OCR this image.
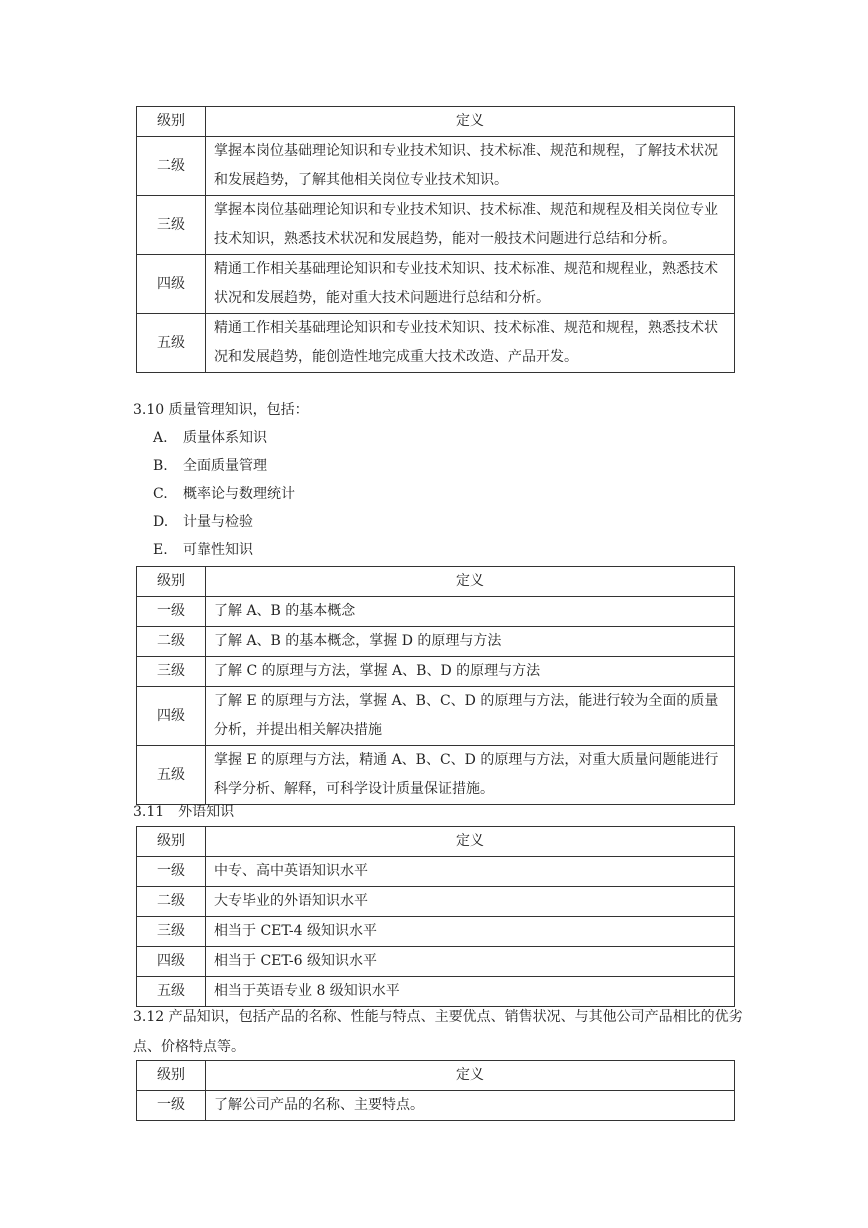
级别	定义
二级	掌握本岗位基础理论知识和专业技术知识、技术标准、规范和规程，了解技术状况和发展趋势，了解其他相关岗位专业技术知识。
三级	掌握本岗位基础理论知识和专业技术知识、技术标准、规范和规程及相关岗位专业技术知识，熟悉技术状况和发展趋势，能对一般技术问题进行总结和分析。
四级	精通工作相关基础理论知识和专业技术知识、技术标准、规范和规程业，熟悉技术状况和发展趋势，能对重大技术问题进行总结和分析。
五级	精通工作相关基础理论知识和专业技术知识、技术标准、规范和规程，熟悉技术状况和发展趋势，能创造性地完成重大技术改造、产品开发。

3.10 质量管理知识，包括：

A. 质量体系知识
B. 全面质量管理
C. 概率论与数理统计
D. 计量与检验
E. 可靠性知识
级别	定义
一级	了解 A、B 的基本概念
二级	了解 A、B 的基本概念，掌握 D 的原理与方法
三级	了解 C 的原理与方法，掌握 A、B、D 的原理与方法
四级	了解 E 的原理与方法，掌握 A、B、C、D 的原理与方法，能进行较为全面的质量分析，并提出相关解决措施
五级	掌握 E 的原理与方法，精通 A、B、C、D 的原理与方法，对重大质量问题能进行科学分析、解释，可科学设计质量保证措施。

3.11　外语知识

级别	定义
一级	中专、高中英语知识水平
二级	大专毕业的外语知识水平
三级	相当于 CET-4 级知识水平
四级	相当于 CET-6 级知识水平
五级	相当于英语专业 8 级知识水平

3.12 产品知识，包括产品的名称、性能与特点、主要优点、销售状况、与其他公司产品相比的优劣点、价格特点等。

级别	定义
一级	了解公司产品的名称、主要特点。
